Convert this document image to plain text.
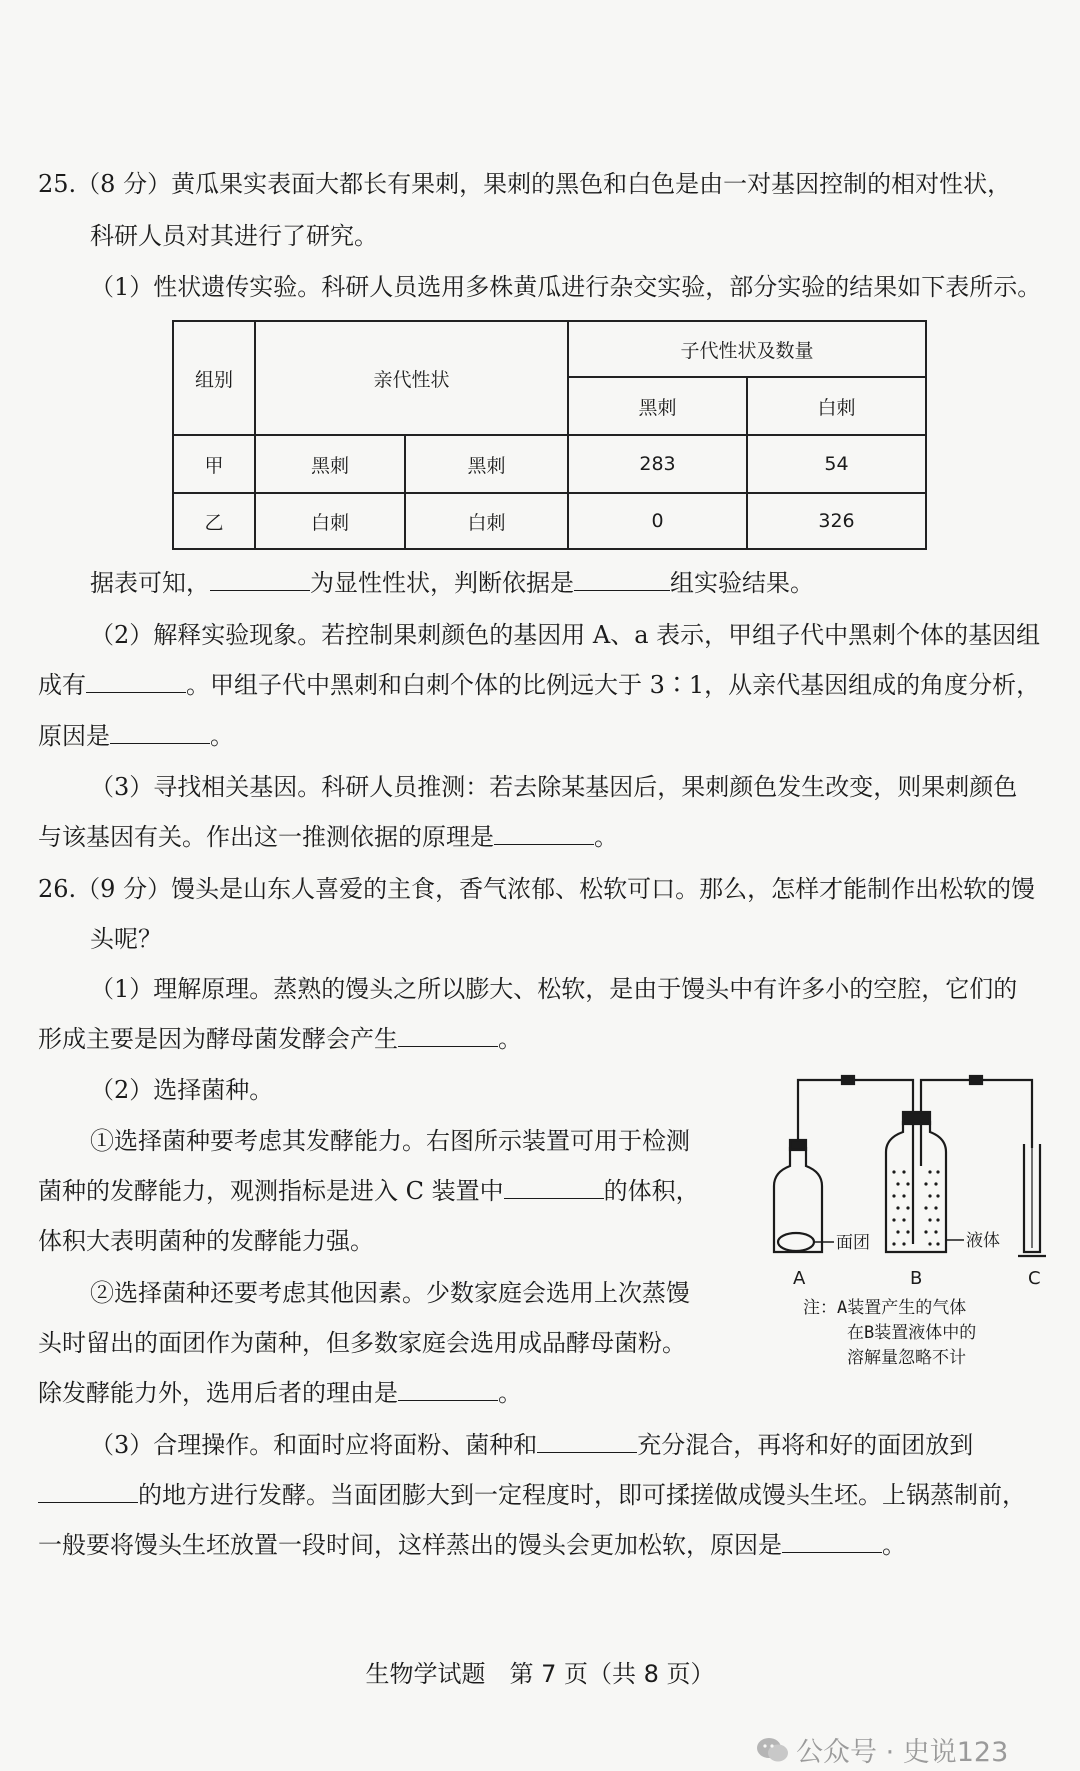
25.（8 分）黄瓜果实表面大都长有果刺，果刺的黑色和白色是由一对基因控制的相对性状，
科研人员对其进行了研究。
（1）性状遗传实验。科研人员选用多株黄瓜进行杂交实验，部分实验的结果如下表所示。
组别	亲代性状		子代性状及数量	
			黑刺	白刺
甲	黑刺	黑刺	283	54
乙	白刺	白刺	0	326
据表可知，	为显性性状，判断依据是	组实验结果。
（2）解释实验现象。若控制果刺颜色的基因用 A、a 表示，甲组子代中黑刺个体的基因组
成有	。甲组子代中黑刺和白刺个体的比例远大于 3∶1，从亲代基因组成的角度分析，
原因是	。
（3）寻找相关基因。科研人员推测：若去除某基因后，果刺颜色发生改变，则果刺颜色
与该基因有关。作出这一推测依据的原理是	。
26.（9 分）馒头是山东人喜爱的主食，香气浓郁、松软可口。那么，怎样才能制作出松软的馒
头呢？
（1）理解原理。蒸熟的馒头之所以膨大、松软，是由于馒头中有许多小的空腔，它们的
形成主要是因为酵母菌发酵会产生	。
（2）选择菌种。
①选择菌种要考虑其发酵能力。右图所示装置可用于检测
菌种的发酵能力，观测指标是进入 C 装置中	的体积，
体积大表明菌种的发酵能力强。
②选择菌种还要考虑其他因素。少数家庭会选用上次蒸馒
头时留出的面团作为菌种，但多数家庭会选用成品酵母菌粉。
除发酵能力外，选用后者的理由是	。
（3）合理操作。和面时应将面粉、菌种和	充分混合，再将和好的面团放到
的地方进行发酵。当面团膨大到一定程度时，即可揉搓做成馒头生坯。上锅蒸制前，
一般要将馒头生坯放置一段时间，这样蒸出的馒头会更加松软，原因是	。
面团	液体
A	B	C
注：A装置产生的气体
在B装置液体中的
溶解量忽略不计
生物学试题　第 7 页（共 8 页）
公众号 · 史说123
